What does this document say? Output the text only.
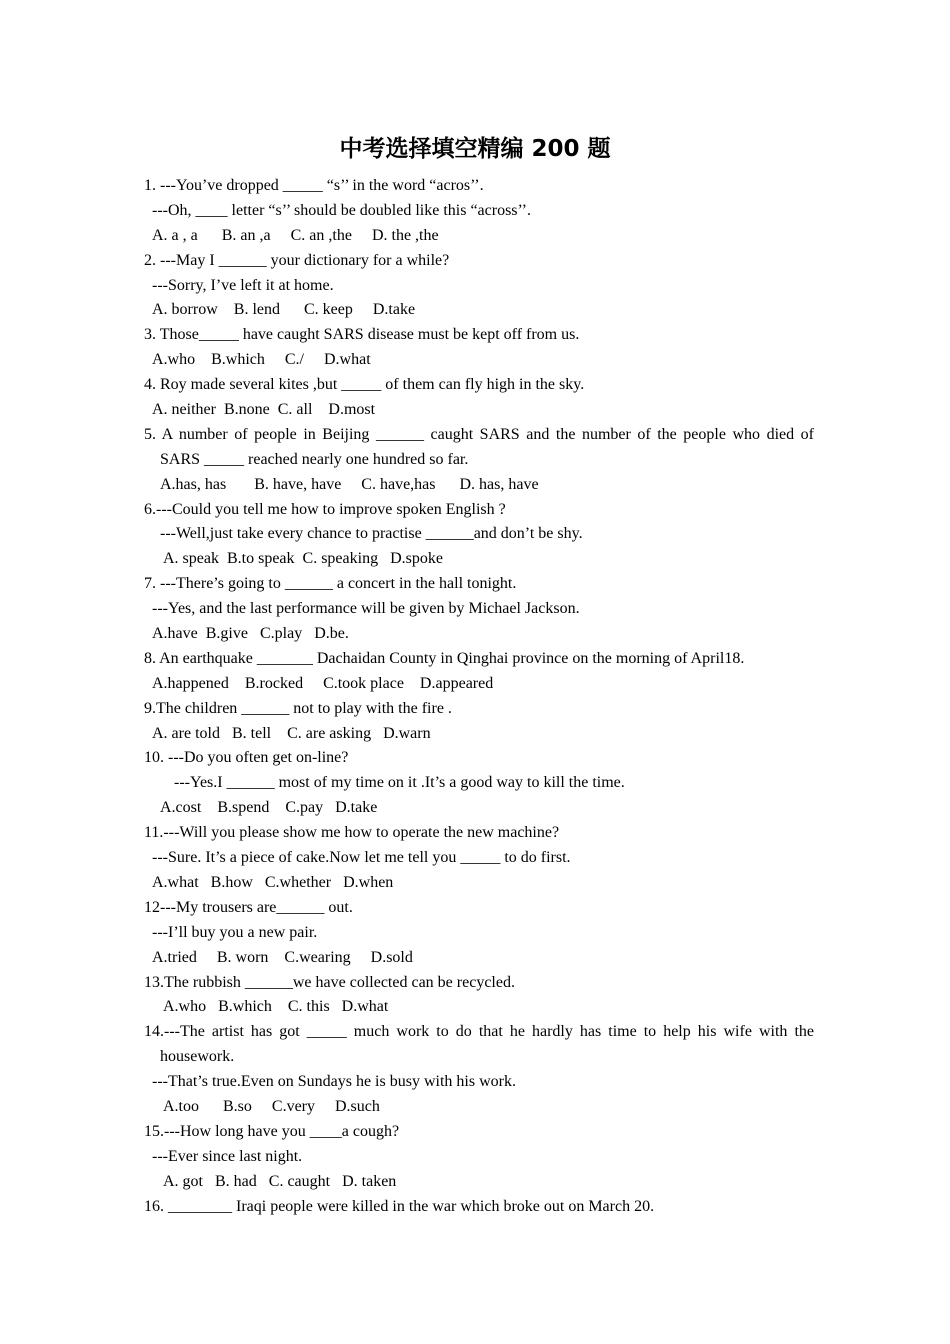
中考选择填空精编 200 题
1. ---You’ve dropped _____ “s’’ in the word “acros’’.
---Oh, ____ letter “s’’ should be doubled like this “across’’.
A. a , a      B. an ,a     C. an ,the     D. the ,the
2. ---May I ______ your dictionary for a while?
---Sorry, I’ve left it at home.
A. borrow    B. lend      C. keep     D.take
3. Those_____ have caught SARS disease must be kept off from us.
A.who    B.which     C./     D.what
4. Roy made several kites ,but _____ of them can fly high in the sky.
A. neither  B.none  C. all    D.most
5. A number of people in Beijing ______ caught SARS and the number of the people who died of
SARS _____ reached nearly one hundred so far.
A.has, has       B. have, have     C. have,has      D. has, have
6.---Could you tell me how to improve spoken English ?
---Well,just take every chance to practise ______and don’t be shy.
A. speak  B.to speak  C. speaking   D.spoke
7. ---There’s going to ______ a concert in the hall tonight.
---Yes, and the last performance will be given by Michael Jackson.
A.have  B.give   C.play   D.be.
8. An earthquake _______ Dachaidan County in Qinghai province on the morning of April18.
A.happened    B.rocked     C.took place    D.appeared
9.The children ______ not to play with the fire .
A. are told   B. tell    C. are asking   D.warn
10. ---Do you often get on-line?
---Yes.I ______ most of my time on it .It’s a good way to kill the time.
A.cost    B.spend    C.pay   D.take
11.---Will you please show me how to operate the new machine?
---Sure. It’s a piece of cake.Now let me tell you _____ to do first.
A.what   B.how   C.whether   D.when
12---My trousers are______ out.
---I’ll buy you a new pair.
A.tried     B. worn    C.wearing     D.sold
13.The rubbish ______we have collected can be recycled.
A.who   B.which    C. this   D.what
14.---The artist has got _____ much work to do that he hardly has time to help his wife with the
housework.
---That’s true.Even on Sundays he is busy with his work.
A.too      B.so     C.very     D.such
15.---How long have you ____a cough?
---Ever since last night.
A. got   B. had   C. caught   D. taken
16. ________ Iraqi people were killed in the war which broke out on March 20.
